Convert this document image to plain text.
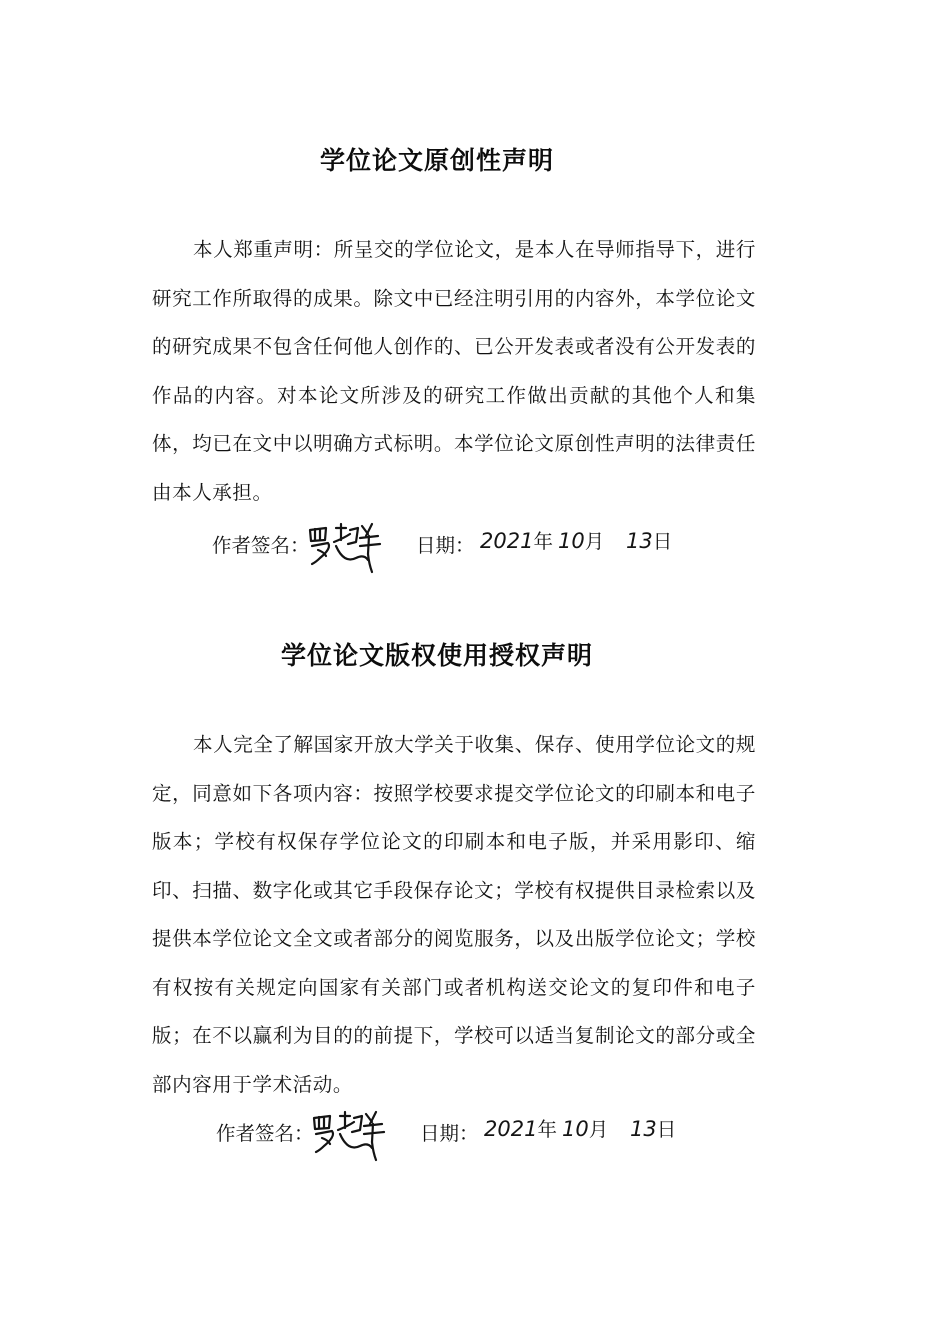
学位论文原创性声明
本人郑重声明：所呈交的学位论文，是本人在导师指导下，进行研究工作所取得的成果。除文中已经注明引用的内容外，本学位论文的研究成果不包含任何他人创作的、已公开发表或者没有公开发表的作品的内容。对本论文所涉及的研究工作做出贡献的其他个人和集体，均已在文中以明确方式标明。本学位论文原创性声明的法律责任由本人承担。
作者签名：	日期： 2021年 10月 13日
学位论文版权使用授权声明
本人完全了解国家开放大学关于收集、保存、使用学位论文的规定，同意如下各项内容：按照学校要求提交学位论文的印刷本和电子版本；学校有权保存学位论文的印刷本和电子版，并采用影印、缩印、扫描、数字化或其它手段保存论文；学校有权提供目录检索以及提供本学位论文全文或者部分的阅览服务，以及出版学位论文；学校有权按有关规定向国家有关部门或者机构送交论文的复印件和电子版；在不以赢利为目的的前提下，学校可以适当复制论文的部分或全部内容用于学术活动。
作者签名：	日期： 2021年 10月 13日
